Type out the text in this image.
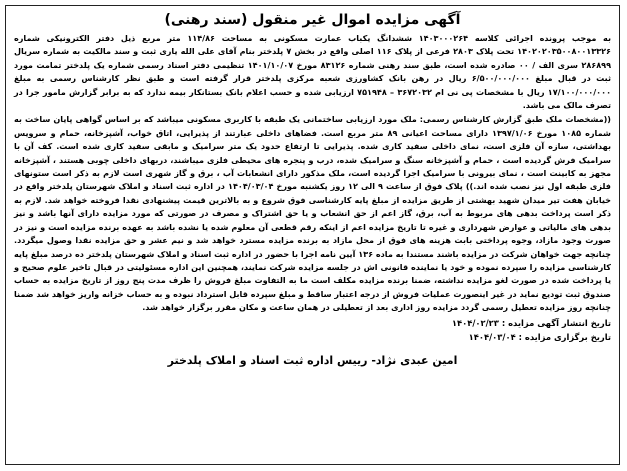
آگهی مزایده اموال غیر منقول (سند رهنی)

به موجب پرونده اجرائی کلاسه ۱۴۰۳۰۰۰۲۶۴ ششدانگ یکباب عمارت مسکونی به مساحت ۱۱۴/۸۶ متر مربع ذیل دفتر الکترونیکی شماره ۱۴۰۲۰۲۰۳۵۰۰۸۰۰۱۳۳۲۶ تحت پلاک ۲۸۰۳ فرعی از پلاک ۱۱۶ اصلی واقع در بخش ۷ پلدختر بنام آقای علی الله یاری ثبت و سند مالکیت به شماره سریال ۲۸۶۸۹۹ سری الف / ۰۰ صادره شده است، طبق سند رهنی شماره ۸۳۱۲۶ مورخ ۱۴۰۱/۱۰/۰۷ تنظیمی دفتر اسناد رسمی شماره یک پلدختر تمامت مورد ثبت در قبال مبلغ ۶/۵۰۰/۰۰۰/۰۰۰ ریال در رهن بانک کشاورزی شعبه مرکزی پلدختر قرار گرفته است و طبق نظر کارشناس رسمی به مبلغ ۱۷/۱۰۰/۰۰۰/۰۰۰ ریال با مشخصات پی نی ام ۳۶۷۲۰۳۲ – ۷۵۱۹۴۸ ارزیابی شده و حسب اعلام بانک بستانکار بیمه ندارد که به برابر گزارش مامور جرا در تصرف مالک می باشد.

((مشخصات ملک طبق گزارش کارشناس رسمی: ملک مورد ارزیابی ساختمانی یک طبقه با کاربری مسکونی میباشد که بر اساس گواهی پایان ساخت به شماره ۱۰۸۵ مورخ ۱۳۹۷/۱/۰۶ دارای مساحت اعیانی ۸۹ متر مربع است. فضاهای داخلی عبارتند از پذیرایی، اتاق خواب، آشپزخانه، حمام و سرویس بهداشتی، سازه آن فلزی است، نمای داخلی سفید کاری شده. پذیرایی تا ارتفاع حدود یک متر سرامیک و مابقی سفید کاری شده است. کف آن با سرامیک فرش گردیده است ، حمام و آشپزخانه سنگ و سرامیک شده، درب و پنجره های محیطی فلزی میباشند، دربهای داخلی چوبی هستند ، آشپزخانه مجهز به کابینت است ، نمای بیرونی با سرامیک اجرا گردیده است، ملک مذکور دارای انشعابات آب ، برق و گاز شهری است لازم به ذکر است ستونهای فلزی طبقه اول نیز نصب شده اند.)) پلاک فوق از ساعت ۹ الی ۱۲ روز یکشنبه مورخ ۱۴۰۴/۰۳/۰۴ در اداره ثبت اسناد و املاک شهرستان پلدختر واقع در خیابان هفت تیر میدان شهید بهشتی از طریق مزایده از مبلغ پایه کارشناسی فوق شروع و به بالاترین قیمت پیشنهادی نقدا فروخته خواهد شد. لازم به ذکر است پرداخت بدهی های مربوط به آب، برق، گاز اعم از حق انشعاب و یا حق اشتراک و مصرف در صورتی که مورد مزایده دارای آنها باشد و نیز بدهی های مالیاتی و عوارض شهرداری و غیره تا تاریخ مزایده اعم از اینکه رقم قطعی آن معلوم شده یا نشده باشد به عهده برنده مزایده است و نیز در صورت وجود مازاد، وجوه پرداختی بابت هزینه های فوق از محل مازاد به برنده مزایده مسترد خواهد شد و نیم عشر و حق مزایده نقدا وصول میگردد. چنانچه جهت خواهان شرکت در مزایده باشند مستندا به ماده ۱۳۶ آیین نامه اجرا با حضور در اداره ثبت اسناد و املاک شهرستان پلدختر ده درصد مبلغ پایه کارشناسی مزایده را سپرده نموده و خود یا نماینده قانونی اش در جلسه مزایده شرکت نمایند، همچنین این اداره مسئولیتی در قبال تاخیر علوم صحیح و یا پرداخت شده در صورت لغو مزایده نداشته، ضمنا برنده مزایده مکلف است ما به التفاوت مبلغ فروش را ظرف مدت پنج روز از تاریخ مزایده به حساب صندوق ثبت تودیع نماید در غیر اینصورت عملیات فروش از درجه اعتبار ساقط و مبلغ سپرده قابل استرداد نبوده و به حساب خزانه واریز خواهد شد ضمنا چنانچه روز مزایده تعطیل رسمی گردد مزایده روز اداری بعد از تعطیلی در همان ساعت و مکان مقرر برگزار خواهد شد.

تاریخ انتشار آگهی مزایده : ۱۴۰۴/۰۲/۲۳

تاریخ برگزاری مزایده : ۱۴۰۴/۰۳/۰۴

امین عبدی نژاد- رییس اداره ثبت اسناد و املاک پلدختر
